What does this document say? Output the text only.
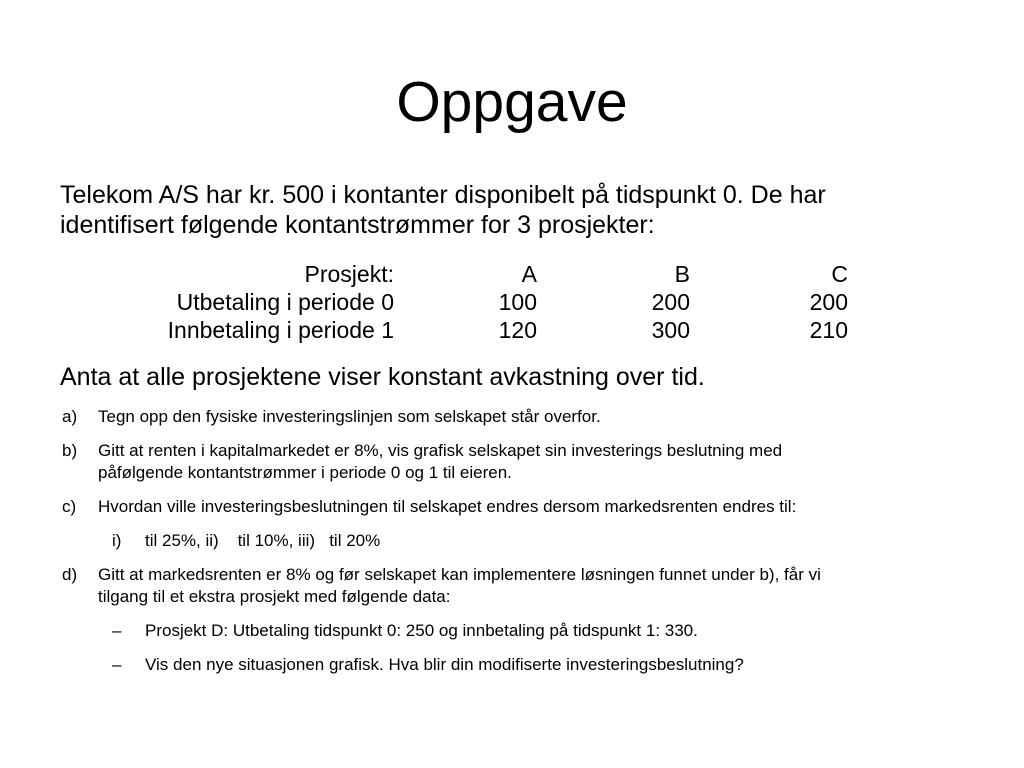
Oppgave
Telekom A/S har kr. 500 i kontanter disponibelt på tidspunkt 0. De har
identifisert følgende kontantstrømmer for 3 prosjekter:
Prosjekt:	A	B	C
Utbetaling i periode 0	100	200	200
Innbetaling i periode 1	120	300	210
Anta at alle prosjektene viser konstant avkastning over tid.
a)	Tegn opp den fysiske investeringslinjen som selskapet står overfor.
b)	Gitt at renten i kapitalmarkedet er 8%, vis grafisk selskapet sin investerings beslutning med
påfølgende kontantstrømmer i periode 0 og 1 til eieren.
c)	Hvordan ville investeringsbeslutningen til selskapet endres dersom markedsrenten endres til:
i)	til 25%, ii)    til 10%, iii)   til 20%
d)	Gitt at markedsrenten er 8% og før selskapet kan implementere løsningen funnet under b), får vi
tilgang til et ekstra prosjekt med følgende data:
–	Prosjekt D: Utbetaling tidspunkt 0: 250 og innbetaling på tidspunkt 1: 330.
–	Vis den nye situasjonen grafisk. Hva blir din modifiserte investeringsbeslutning?
